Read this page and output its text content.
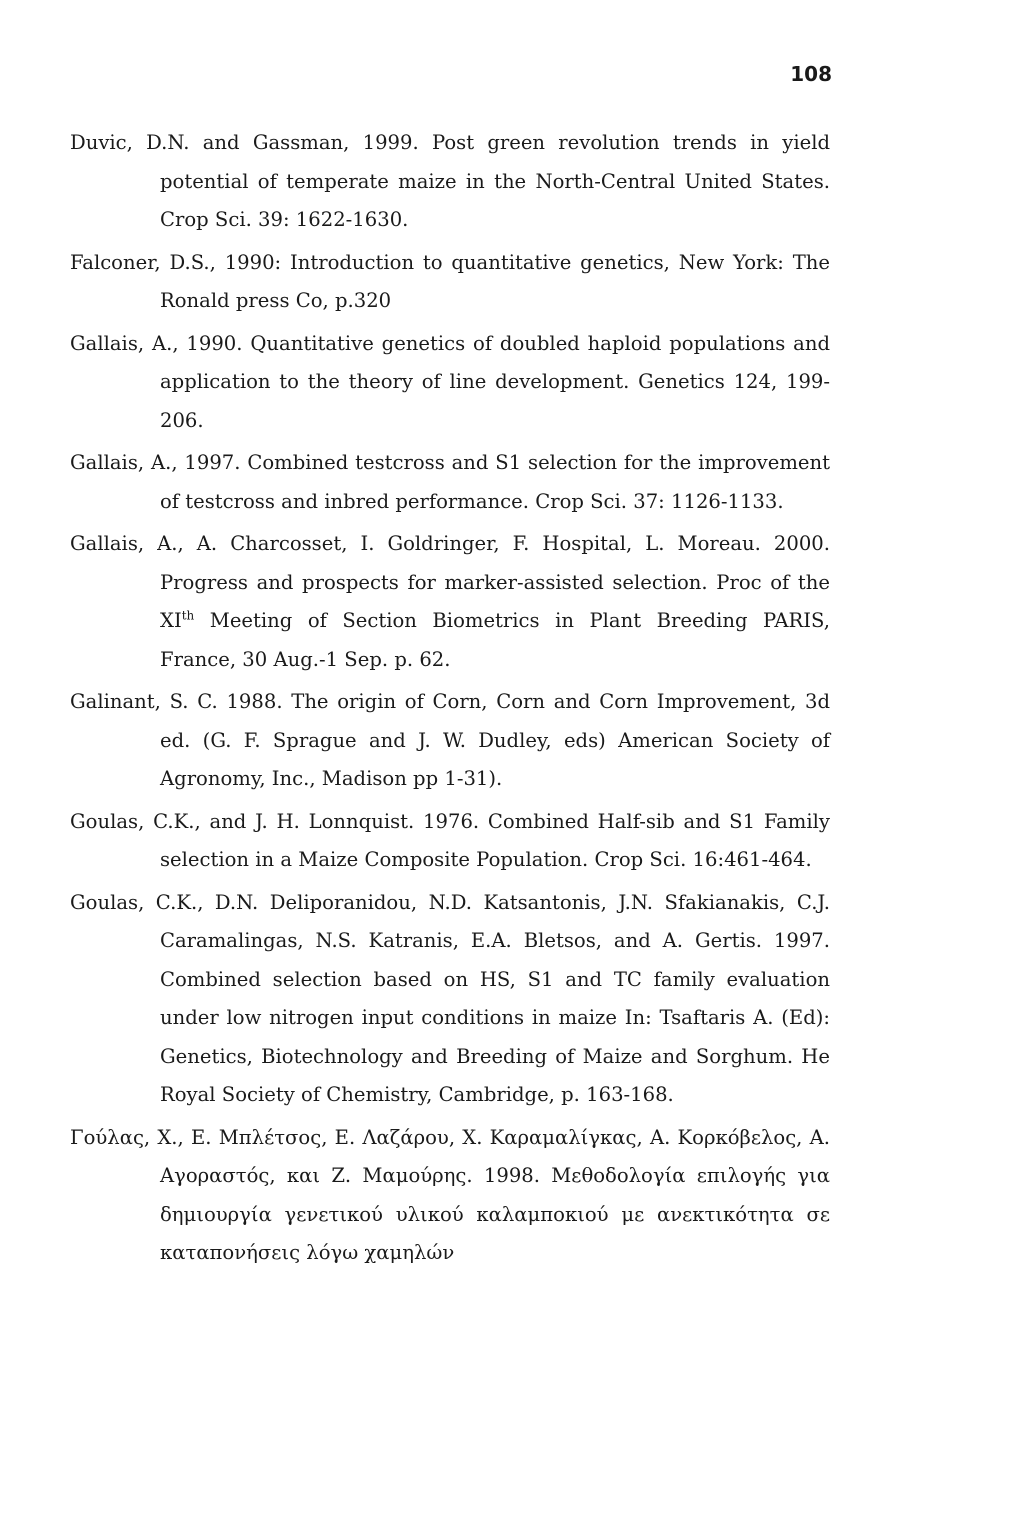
108

Duvic, D.N. and Gassman, 1999. Post green revolution trends in yield potential of temperate maize in the North-Central United States. Crop Sci. 39: 1622-1630.

Falconer, D.S., 1990: Introduction to quantitative genetics, New York: The Ronald press Co, p.320

Gallais, A., 1990. Quantitative genetics of doubled haploid populations and application to the theory of line development. Genetics 124, 199-206.

Gallais, A., 1997. Combined testcross and S1 selection for the improvement of testcross and inbred performance. Crop Sci. 37: 1126-1133.

Gallais, A., A. Charcosset, I. Goldringer, F. Hospital, L. Moreau. 2000. Progress and prospects for marker-assisted selection. Proc of the XIth Meeting of Section Biometrics in Plant Breeding PARIS, France, 30 Aug.-1 Sep. p. 62.

Galinant, S. C. 1988. The origin of Corn, Corn and Corn Improvement, 3d ed. (G. F. Sprague and J. W. Dudley, eds) American Society of Agronomy, Inc., Madison pp 1-31).

Goulas, C.K., and J. H. Lonnquist. 1976. Combined Half-sib and S1 Family selection in a Maize Composite Population. Crop Sci. 16:461-464.

Goulas, C.K., D.N. Deliporanidou, N.D. Katsantonis, J.N. Sfakianakis, C.J. Caramalingas, N.S. Katranis, E.A. Bletsos, and A. Gertis. 1997. Combined selection based on HS, S1 and TC family evaluation under low nitrogen input conditions in maize In: Tsaftaris A. (Ed): Genetics, Biotechnology and Breeding of Maize and Sorghum. He Royal Society of Chemistry, Cambridge, p. 163-168.

Γούλας, Χ., Ε. Μπλέτσος, Ε. Λαζάρου, Χ. Καραμαλίγκας, Α. Κορκόβελος, Α. Αγοραστός, και Ζ. Μαμούρης. 1998. Μεθοδολογία επιλογής για δημιουργία γενετικού υλικού καλαμποκιού με ανεκτικότητα σε καταπονήσεις λόγω χαμηλών
